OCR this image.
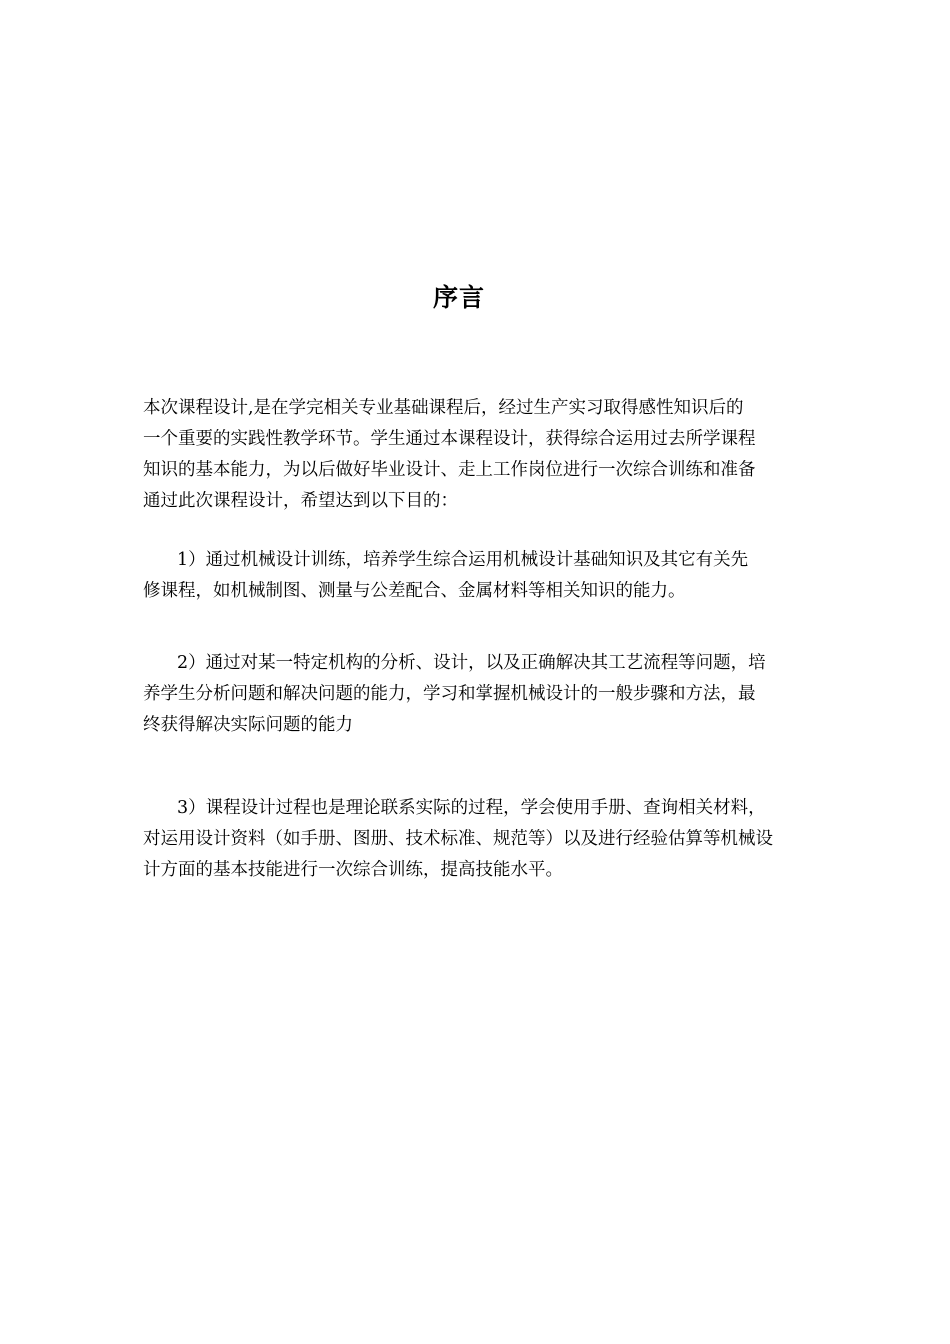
序言

本次课程设计,是在学完相关专业基础课程后，经过生产实习取得感性知识后的
一个重要的实践性教学环节。学生通过本课程设计，获得综合运用过去所学课程
知识的基本能力，为以后做好毕业设计、走上工作岗位进行一次综合训练和准备
通过此次课程设计，希望达到以下目的：

1）通过机械设计训练，培养学生综合运用机械设计基础知识及其它有关先
修课程，如机械制图、测量与公差配合、金属材料等相关知识的能力。

2）通过对某一特定机构的分析、设计，以及正确解决其工艺流程等问题，培
养学生分析问题和解决问题的能力，学习和掌握机械设计的一般步骤和方法，最
终获得解决实际问题的能力

3）课程设计过程也是理论联系实际的过程，学会使用手册、查询相关材料，
对运用设计资料（如手册、图册、技术标准、规范等）以及进行经验估算等机械设
计方面的基本技能进行一次综合训练，提高技能水平。
